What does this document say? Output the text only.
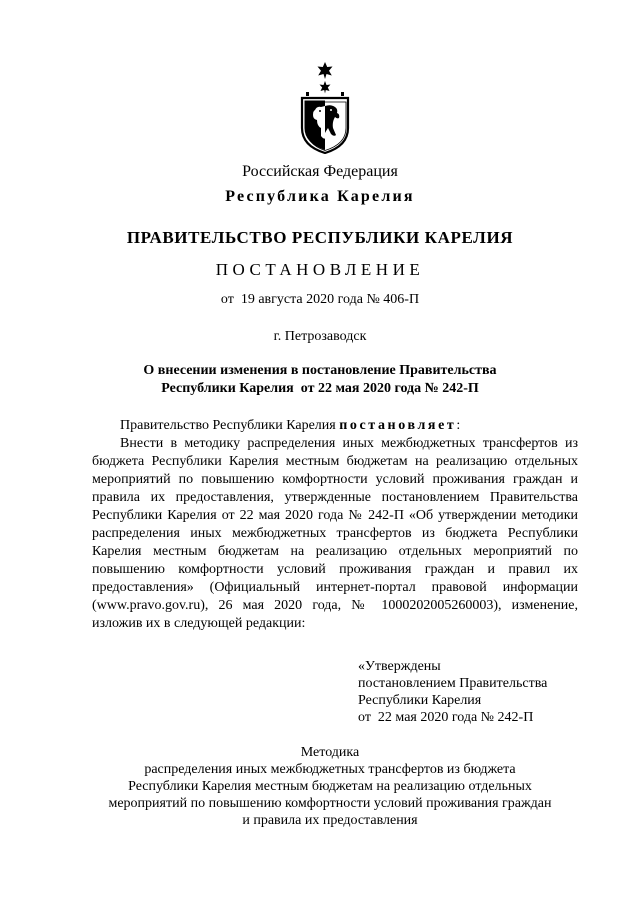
Российская Федерация
Республика Карелия
ПРАВИТЕЛЬСТВО РЕСПУБЛИКИ КАРЕЛИЯ
ПОСТАНОВЛЕНИЕ
от  19 августа 2020 года № 406-П
г. Петрозаводск
О внесении изменения в постановление Правительства
Республики Карелия  от 22 мая 2020 года № 242-П
Правительство Республики Карелия постановляет:
Внести в методику распределения иных межбюджетных трансфертов из бюджета Республики Карелия местным бюджетам на реализацию отдельных мероприятий по повышению комфортности условий проживания граждан и правила их предоставления, утвержденные постановлением Правительства Республики Карелия от 22 мая 2020 года № 242-П «Об утверждении методики распределения иных межбюджетных трансфертов из бюджета Республики Карелия местным бюджетам на реализацию отдельных мероприятий по повышению комфортности условий проживания граждан и правил их предоставления» (Официальный интернет-портал правовой информации (www.pravo.gov.ru), 26 мая 2020 года, № 1000202005260003), изменение, изложив их в следующей редакции:
«Утверждены
постановлением Правительства
Республики Карелия
от  22 мая 2020 года № 242-П
Методика
распределения иных межбюджетных трансфертов из бюджета
Республики Карелия местным бюджетам на реализацию отдельных
мероприятий по повышению комфортности условий проживания граждан
и правила их предоставления
